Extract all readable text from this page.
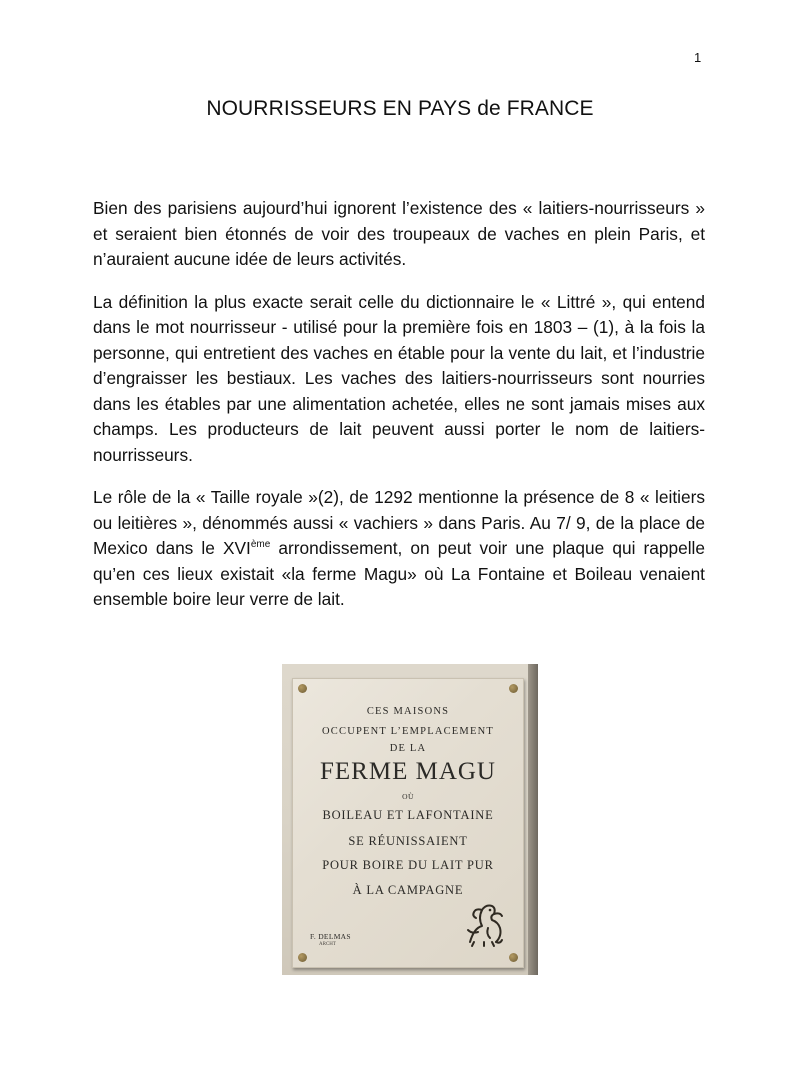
1
NOURRISSEURS EN PAYS de FRANCE

Bien des parisiens aujourd’hui ignorent l’existence des « laitiers-nourrisseurs » et seraient bien étonnés de voir des troupeaux de vaches en plein Paris, et n’auraient aucune idée de leurs activités.

La définition la plus exacte serait celle du dictionnaire le « Littré », qui entend dans le mot nourrisseur - utilisé pour la première fois en 1803 – (1), à la fois la personne, qui entretient des vaches en étable pour la vente du lait, et l’industrie d’engraisser les bestiaux. Les vaches des laitiers-nourrisseurs sont nourries dans les étables par une alimentation achetée, elles ne sont jamais mises aux champs. Les producteurs de lait peuvent aussi porter le nom de laitiers-nourrisseurs.

Le rôle de la « Taille royale »(2), de 1292 mentionne la présence de 8 « leitiers ou leitières », dénommés aussi « vachiers » dans Paris. Au 7/ 9, de la place de Mexico dans le XVIème arrondissement, on peut voir une plaque qui rappelle qu’en ces lieux existait «la ferme Magu» où La Fontaine et Boileau venaient ensemble boire leur verre de lait.

CES MAISONS
OCCUPENT L’EMPLACEMENT
DE LA
FERME MAGU
OÙ
BOILEAU ET LAFONTAINE
SE RÉUNISSAIENT
POUR BOIRE DU LAIT PUR
À LA CAMPAGNE
F. DELMAS
ARCHT
